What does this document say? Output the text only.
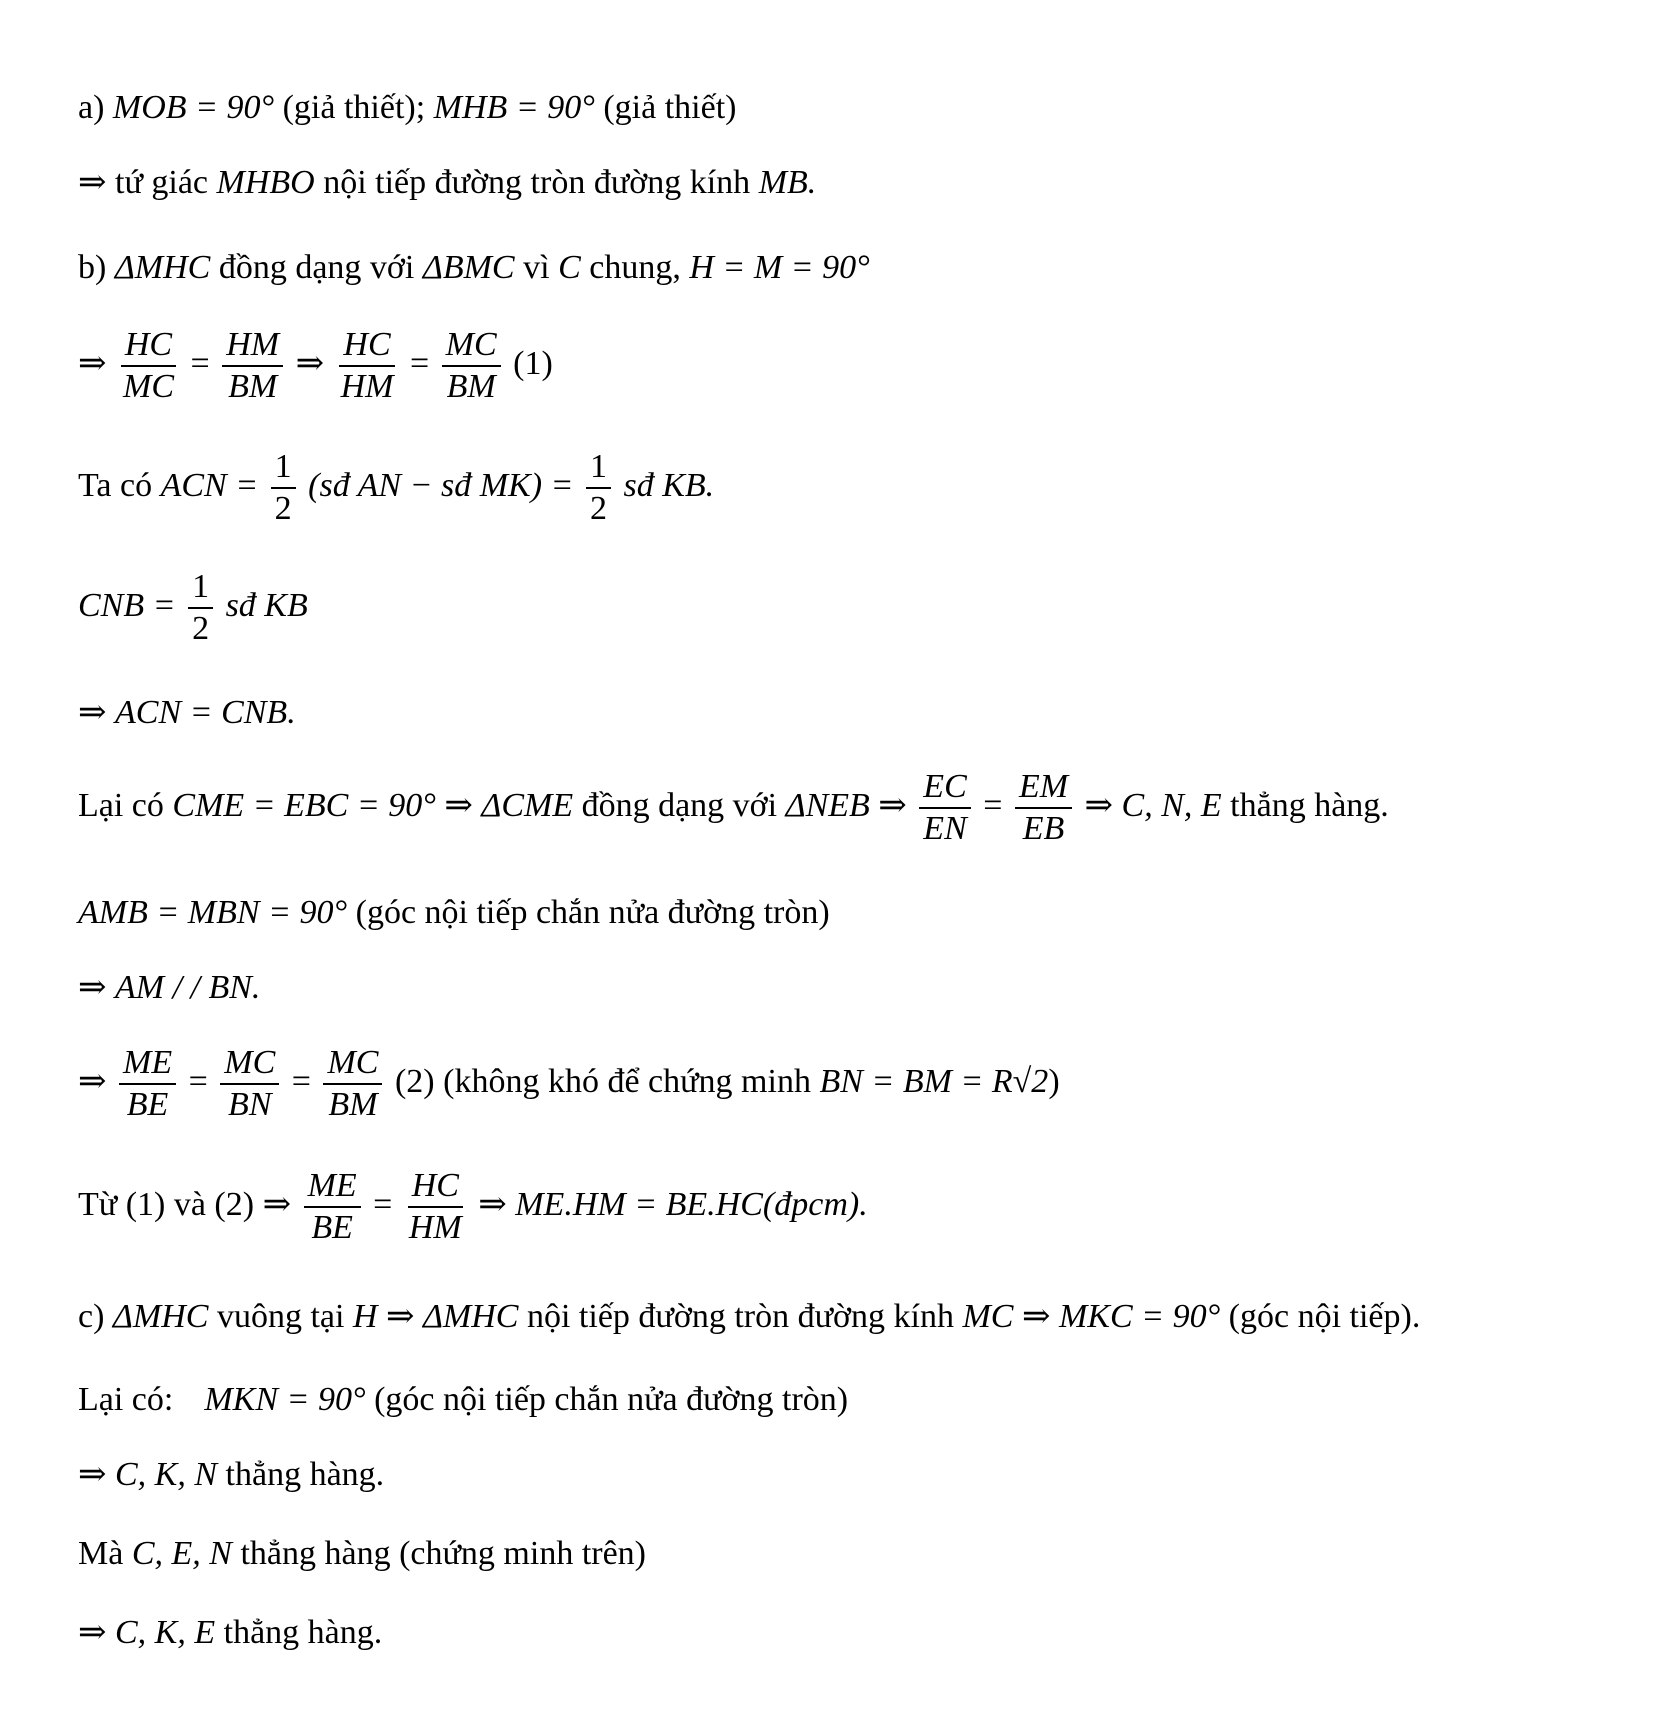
a) MOB = 90° (giả thiết); MHB = 90° (giả thiết)
⇒ tứ giác MHBO nội tiếp đường tròn đường kính MB.
b) ΔMHC đồng dạng với ΔBMC vì C chung, H = M = 90°
⇒ $\frac{HC}{MC} = \frac{HM}{BM}$ ⇒ $\frac{HC}{HM} = \frac{MC}{BM} (1)$
Ta có ACN = $\frac{1}{2}$ (sđ AN − sđ $MK) = \frac{1}{2}$ sđ KB.
CNB = $\frac{1}{2}$ sđ KB
⇒ ACN = CNB.
Lại có CME = EBC = 90° ⇒ ΔCME đồng dạng với ΔNEB ⇒ $\frac{EC}{EN} = \frac{EM}{EB}$ ⇒ C, N, E thẳng hàng.
AMB = MBN = 90° (góc nội tiếp chắn nửa đường tròn)
⇒ AM / / BN.
⇒ $\frac{ME}{BE} = \frac{MC}{BN} = \frac{MC}{BM} (2)$ (không khó để chứng minh BN = BM = R√2)
Từ (1) và (2) ⇒ $\frac{ME}{BE} = \frac{HC}{HM}$ ⇒ ME.HM = BE.HC(đpcm).
c) ΔMHC vuông tại H ⇒ ΔMHC nội tiếp đường tròn đường kính MC ⇒ MKC = 90° (góc nội tiếp).
Lại có: MKN = 90° (góc nội tiếp chắn nửa đường tròn)
⇒ C, K, N thẳng hàng.
Mà C, E, N thẳng hàng (chứng minh trên)
⇒ C, K, E thẳng hàng.
